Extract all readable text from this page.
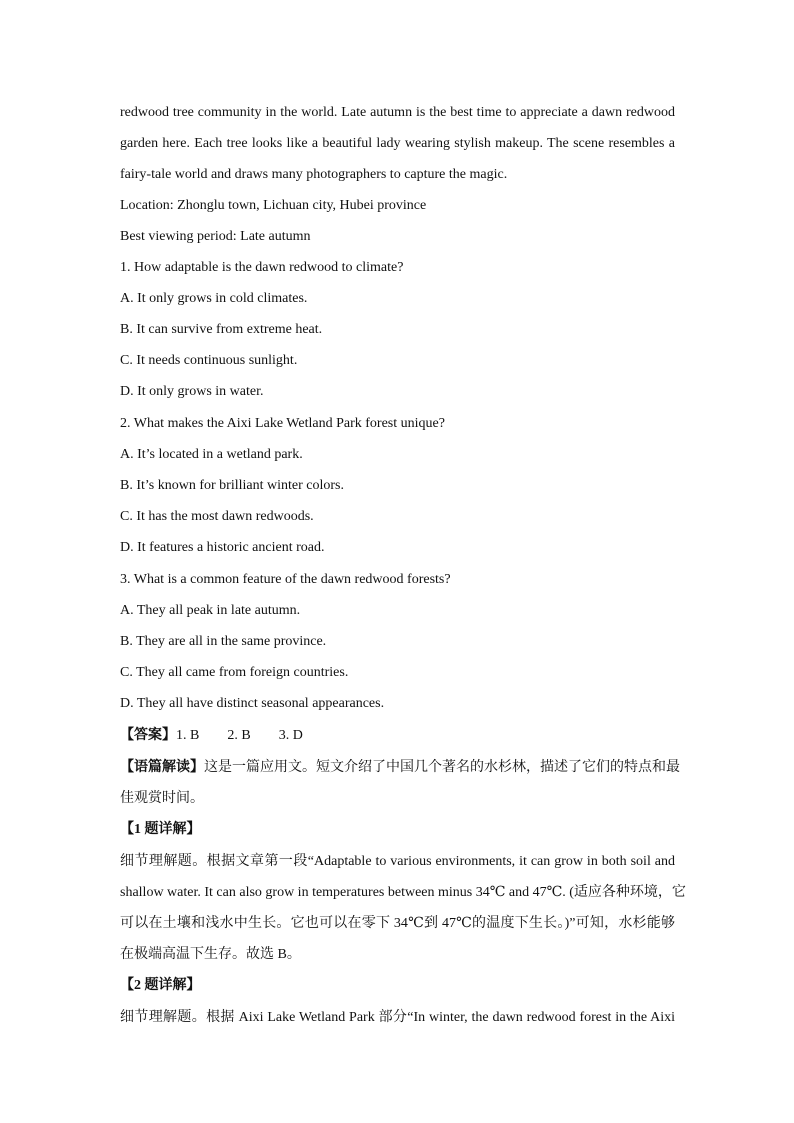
redwood tree community in the world. Late autumn is the best time to appreciate a dawn redwood
garden here. Each tree looks like a beautiful lady wearing stylish makeup. The scene resembles a
fairy-tale world and draws many photographers to capture the magic.
Location: Zhonglu town, Lichuan city, Hubei province
Best viewing period: Late autumn
1. How adaptable is the dawn redwood to climate?
A. It only grows in cold climates.
B. It can survive from extreme heat.
C. It needs continuous sunlight.
D. It only grows in water.
2. What makes the Aixi Lake Wetland Park forest unique?
A. It’s located in a wetland park.
B. It’s known for brilliant winter colors.
C. It has the most dawn redwoods.
D. It features a historic ancient road.
3. What is a common feature of the dawn redwood forests?
A. They all peak in late autumn.
B. They are all in the same province.
C. They all came from foreign countries.
D. They all have distinct seasonal appearances.
【答案】1. B 2. B 3. D
【语篇解读】这是一篇应用文。短文介绍了中国几个著名的水杉林，描述了它们的特点和最
佳观赏时间。
【1 题详解】
细节理解题。根据文章第一段“Adaptable to various environments, it can grow in both soil and
shallow water. It can also grow in temperatures between minus 34℃ and 47℃. (适应各种环境，它
可以在土壤和浅水中生长。它也可以在零下 34℃到 47℃的温度下生长。)”可知，水杉能够
在极端高温下生存。故选 B。
【2 题详解】
细节理解题。根据 Aixi Lake Wetland Park 部分“In winter, the dawn redwood forest in the Aixi
